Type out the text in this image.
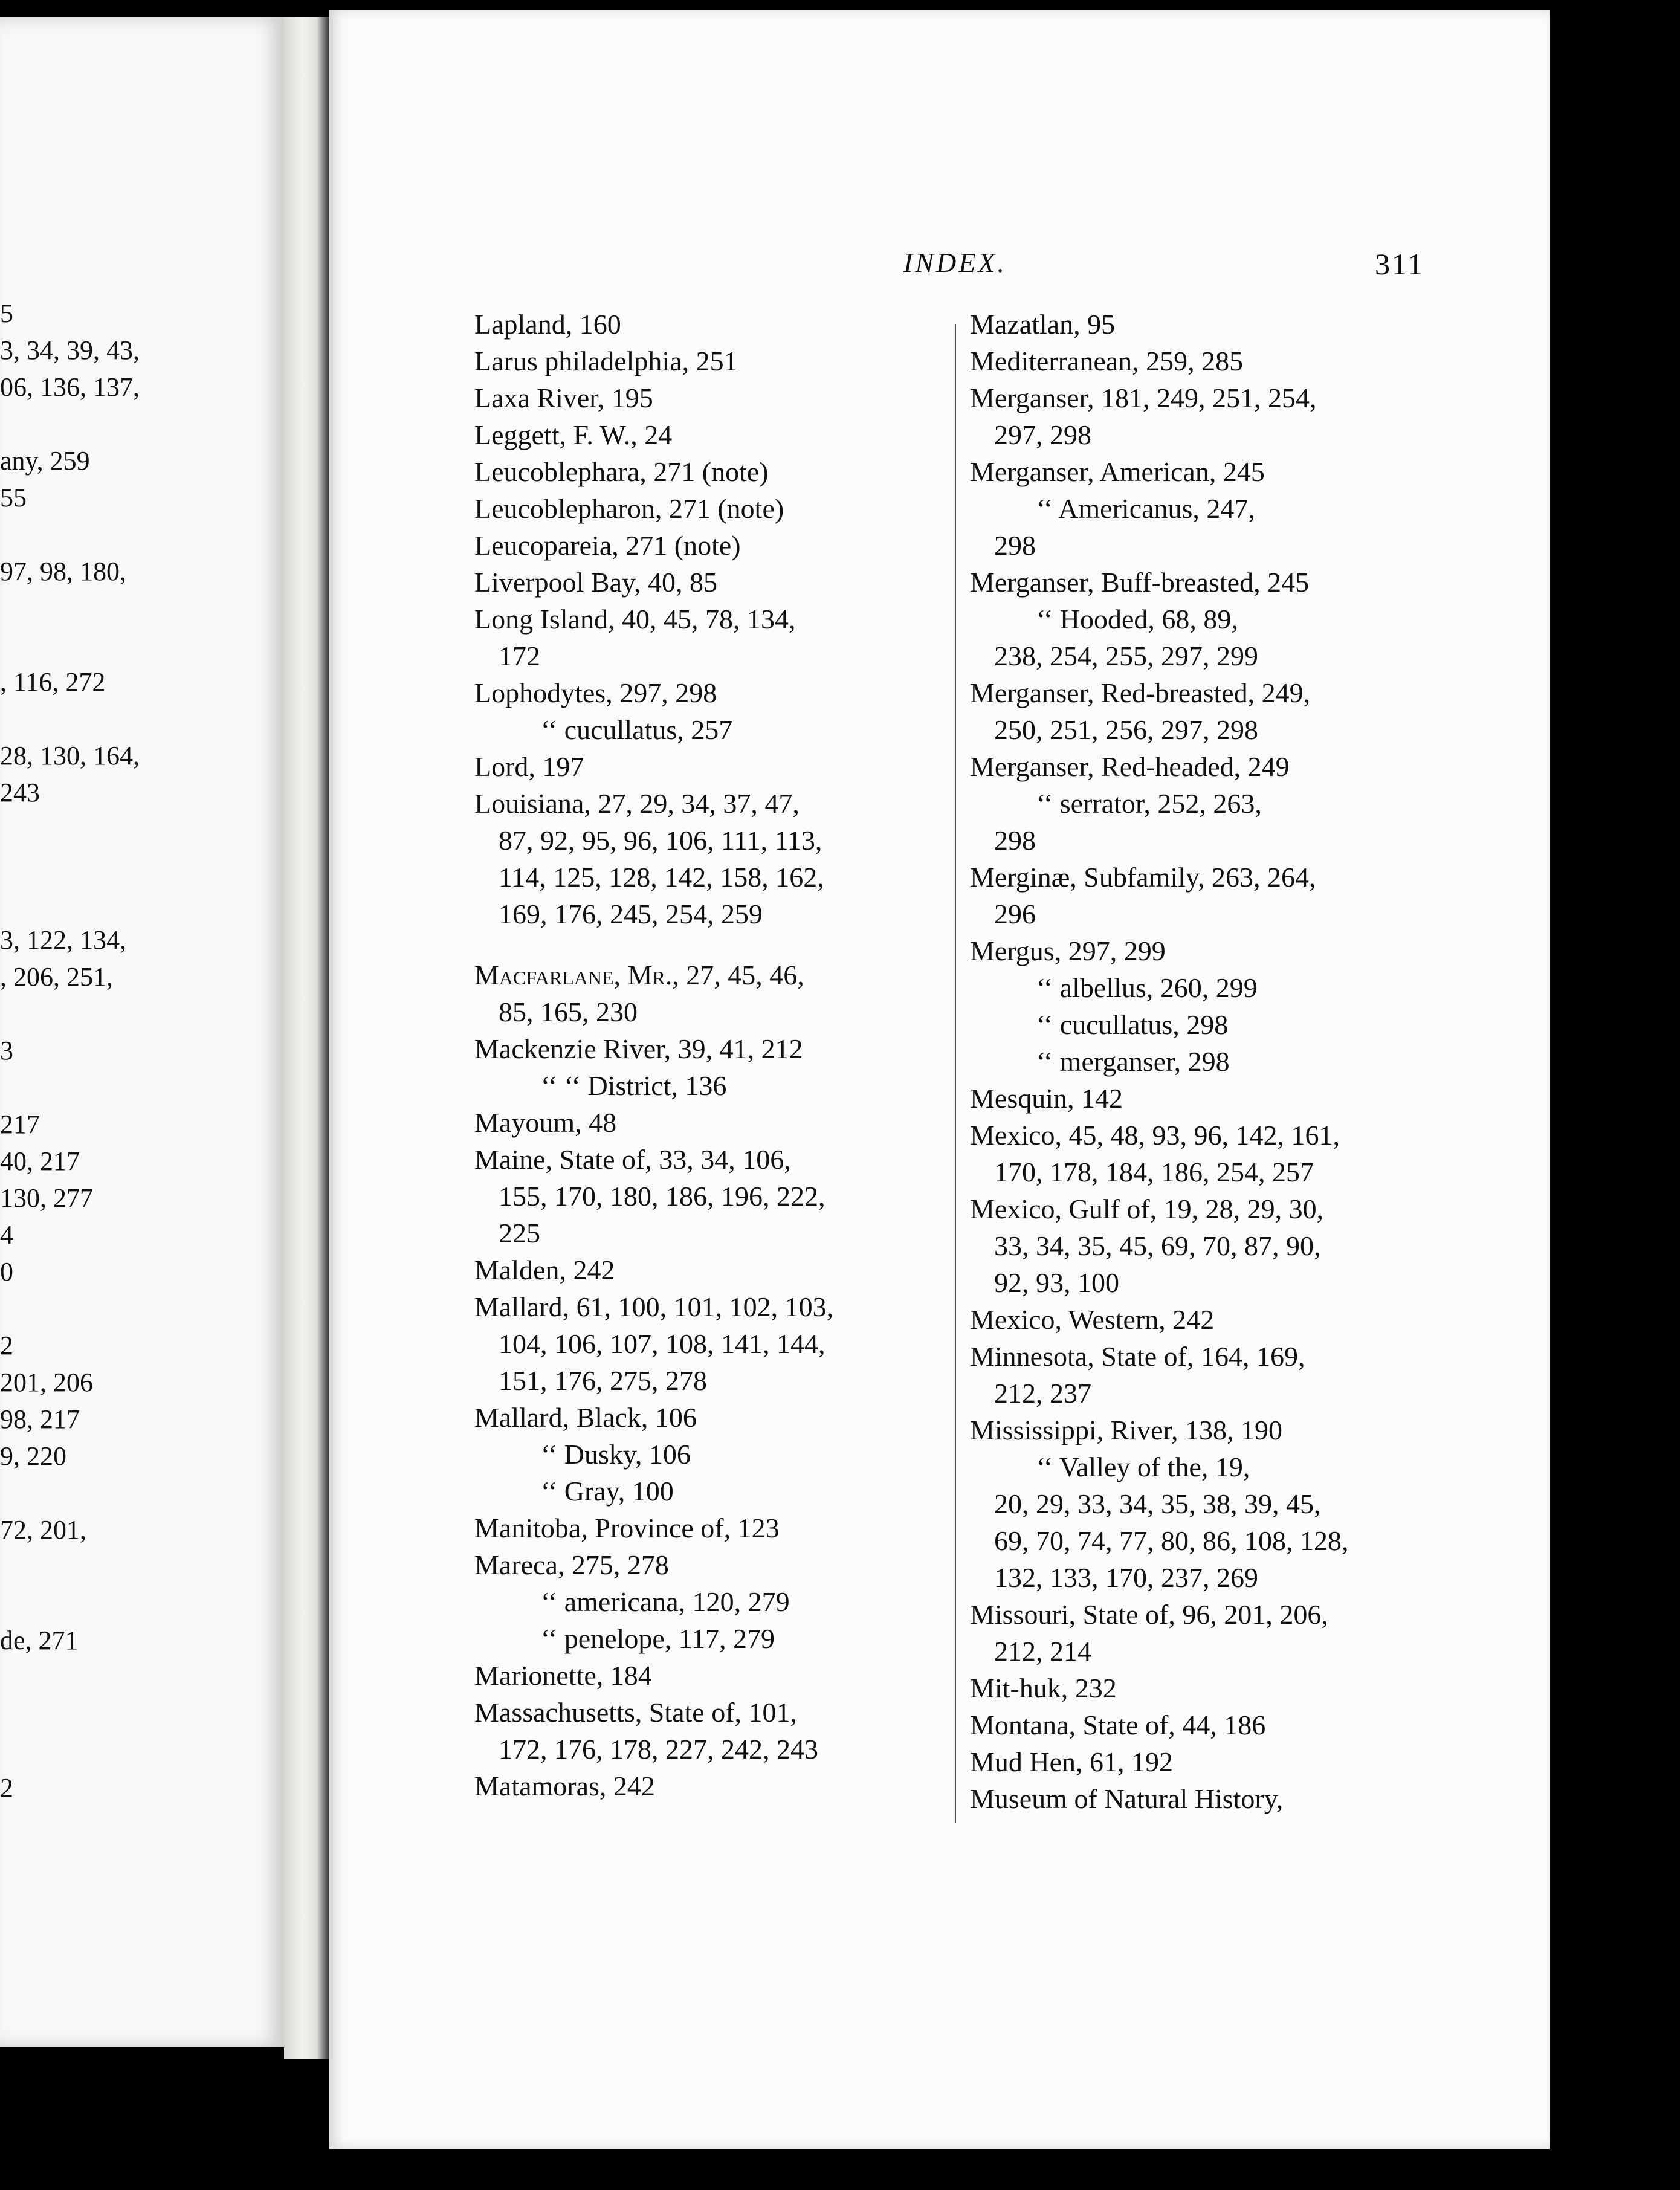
5
3, 34, 39, 43,
06, 136, 137,

any, 259
55

97, 98, 180,

, 116, 272

28, 130, 164,
243

3, 122, 134,
, 206, 251,

3

217
40, 217
130, 277
4
0

2
201, 206
98, 217
9, 220

72, 201,

de, 271

2
INDEX.	311
Lapland, 160
Larus philadelphia, 251
Laxa River, 195
Leggett, F. W., 24
Leucoblephara, 271 (note)
Leucoblepharon, 271 (note)
Leucopareia, 271 (note)
Liverpool Bay, 40, 85
Long Island, 40, 45, 78, 134,
172
Lophodytes, 297, 298
‘‘ cucullatus, 257
Lord, 197
Louisiana, 27, 29, 34, 37, 47,
87, 92, 95, 96, 106, 111, 113,
114, 125, 128, 142, 158, 162,
169, 176, 245, 254, 259
Macfarlane, Mr., 27, 45, 46,
85, 165, 230
Mackenzie River, 39, 41, 212
‘‘ ‘‘ District, 136
Mayoum, 48
Maine, State of, 33, 34, 106,
155, 170, 180, 186, 196, 222,
225
Malden, 242
Mallard, 61, 100, 101, 102, 103,
104, 106, 107, 108, 141, 144,
151, 176, 275, 278
Mallard, Black, 106
‘‘ Dusky, 106
‘‘ Gray, 100
Manitoba, Province of, 123
Mareca, 275, 278
‘‘ americana, 120, 279
‘‘ penelope, 117, 279
Marionette, 184
Massachusetts, State of, 101,
172, 176, 178, 227, 242, 243
Matamoras, 242
Mazatlan, 95
Mediterranean, 259, 285
Merganser, 181, 249, 251, 254,
297, 298
Merganser, American, 245
‘‘ Americanus, 247,
298
Merganser, Buff-breasted, 245
‘‘ Hooded, 68, 89,
238, 254, 255, 297, 299
Merganser, Red-breasted, 249,
250, 251, 256, 297, 298
Merganser, Red-headed, 249
‘‘ serrator, 252, 263,
298
Merginæ, Subfamily, 263, 264,
296
Mergus, 297, 299
‘‘ albellus, 260, 299
‘‘ cucullatus, 298
‘‘ merganser, 298
Mesquin, 142
Mexico, 45, 48, 93, 96, 142, 161,
170, 178, 184, 186, 254, 257
Mexico, Gulf of, 19, 28, 29, 30,
33, 34, 35, 45, 69, 70, 87, 90,
92, 93, 100
Mexico, Western, 242
Minnesota, State of, 164, 169,
212, 237
Mississippi, River, 138, 190
‘‘ Valley of the, 19,
20, 29, 33, 34, 35, 38, 39, 45,
69, 70, 74, 77, 80, 86, 108, 128,
132, 133, 170, 237, 269
Missouri, State of, 96, 201, 206,
212, 214
Mit-huk, 232
Montana, State of, 44, 186
Mud Hen, 61, 192
Museum of Natural History,
